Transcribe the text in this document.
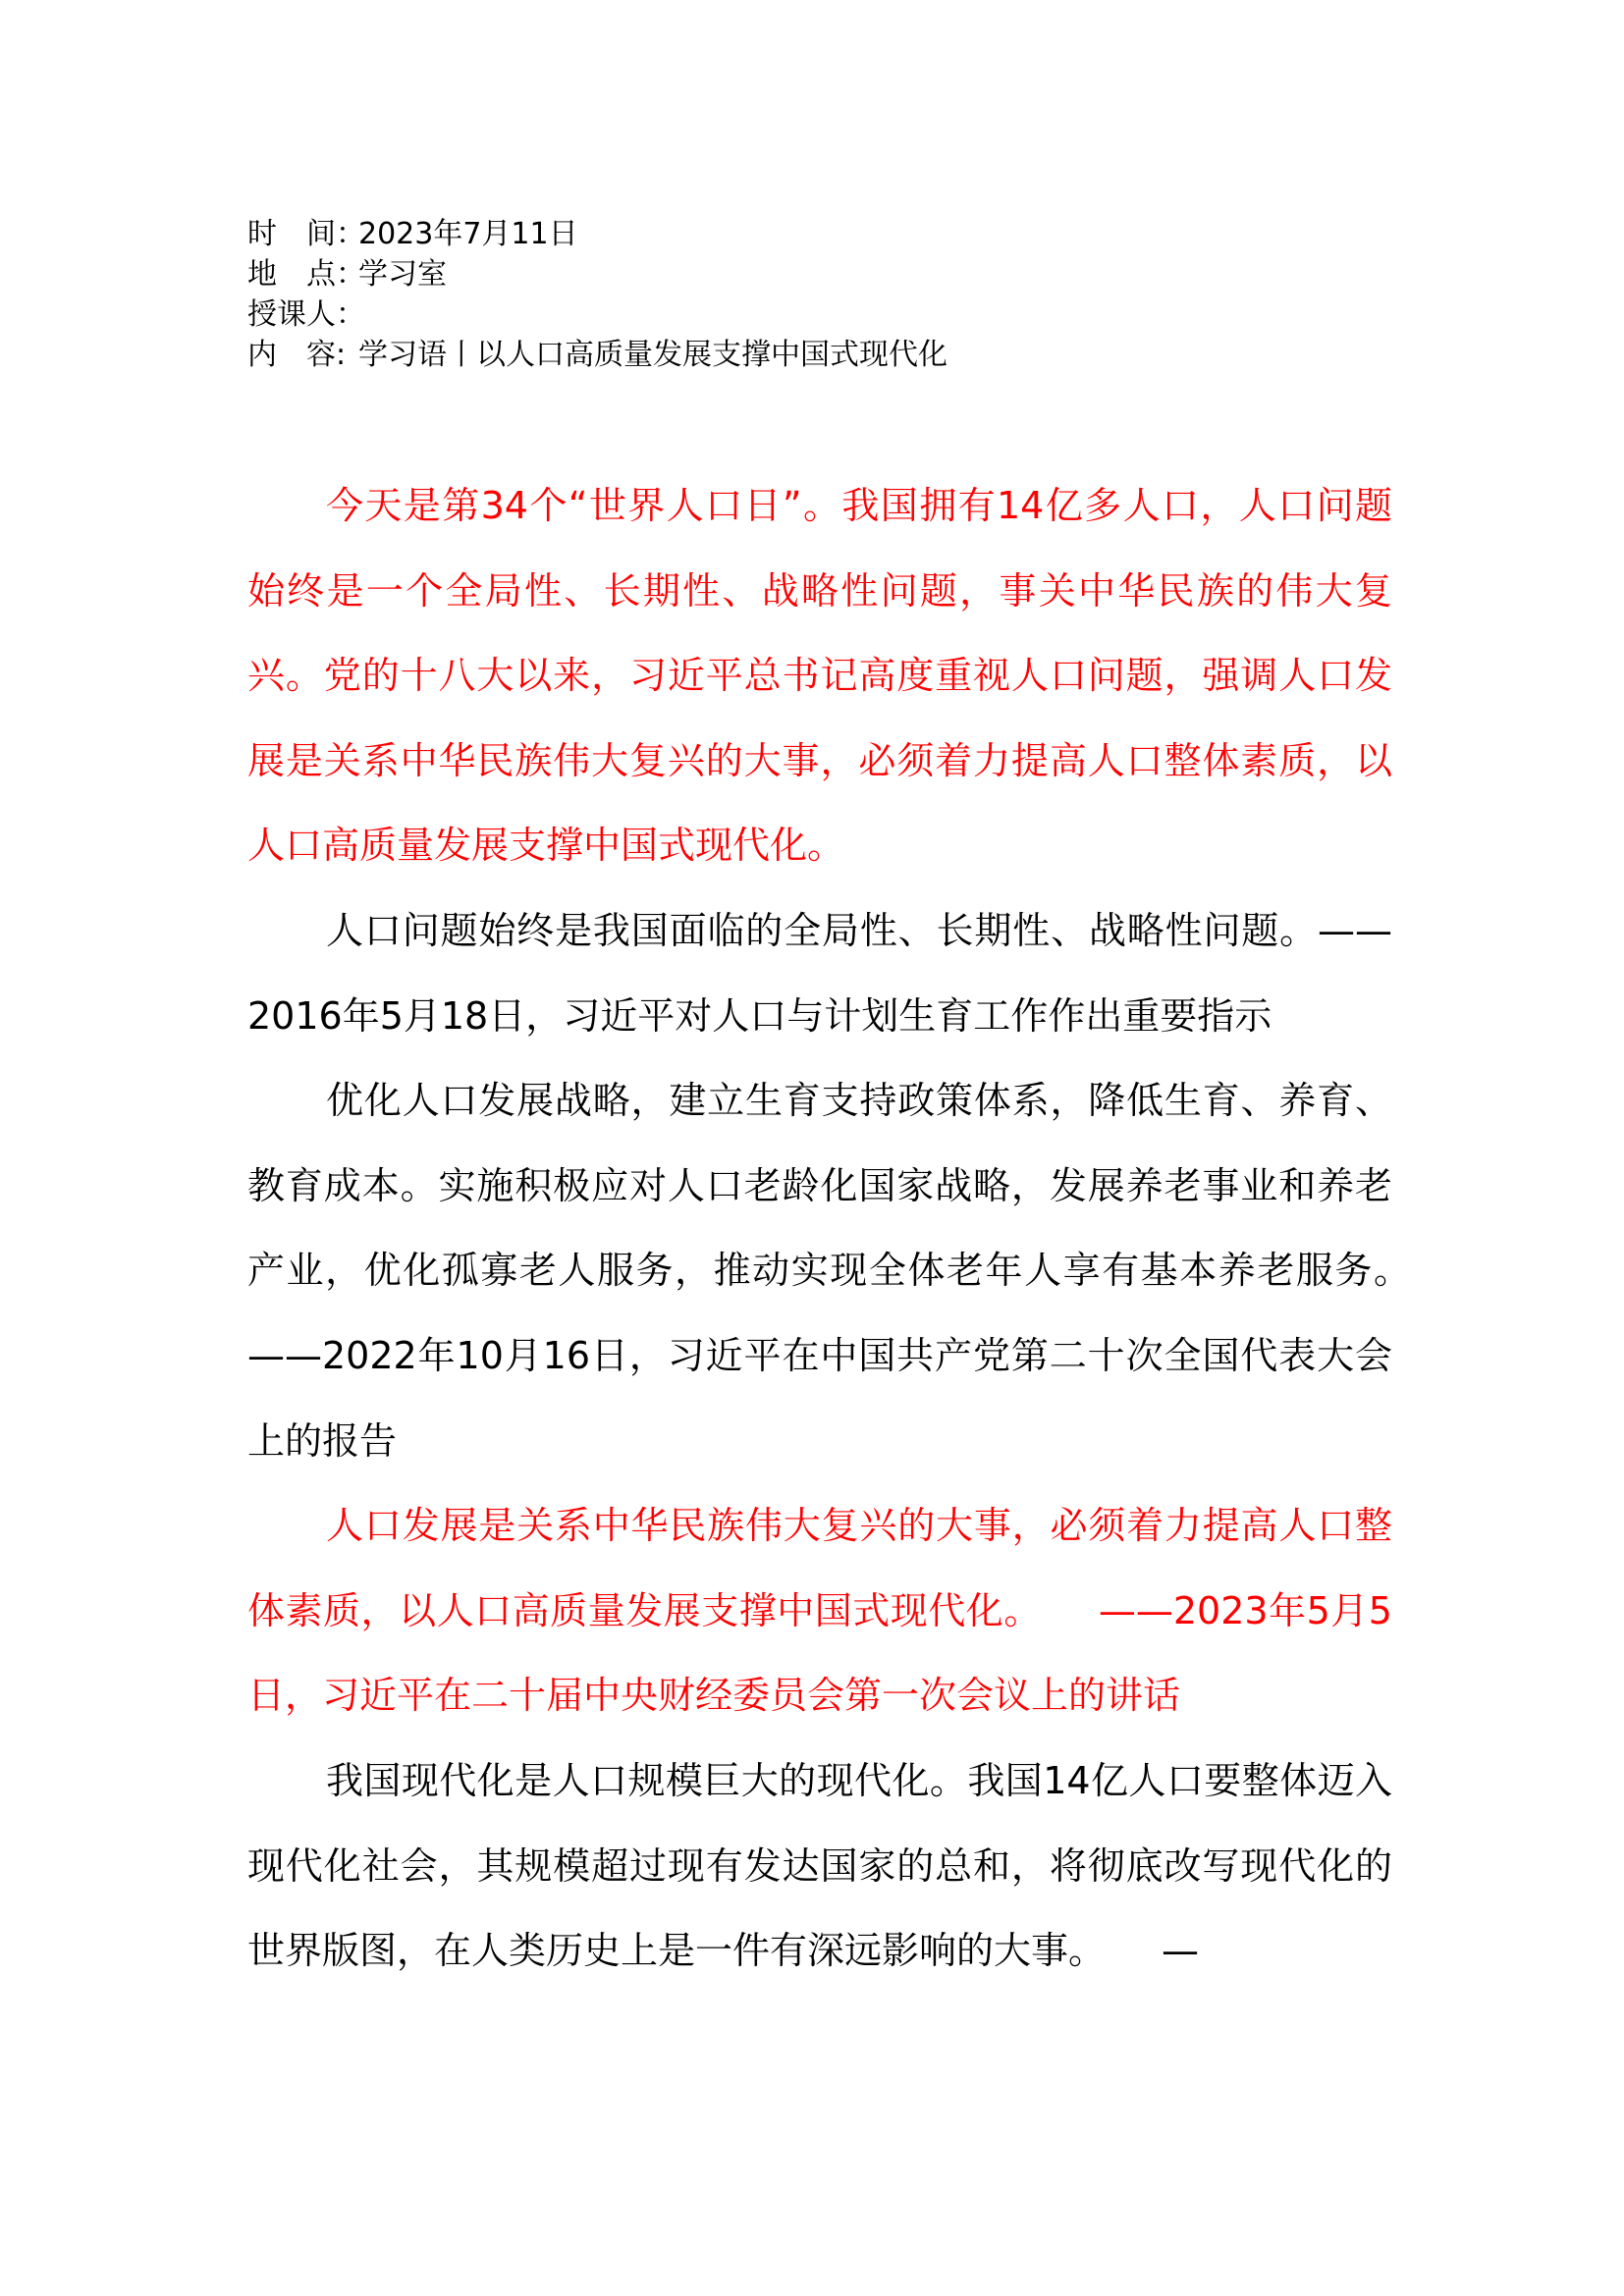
时　间：2023年7月11日
地　点：学习室
授课人：
内　容: 学习语丨以人口高质量发展支撑中国式现代化

今天是第34个“世界人口日”。我国拥有14亿多人口，人口问题始终是一个全局性、长期性、战略性问题，事关中华民族的伟大复兴。党的十八大以来，习近平总书记高度重视人口问题，强调人口发展是关系中华民族伟大复兴的大事，必须着力提高人口整体素质，以人口高质量发展支撑中国式现代化。

人口问题始终是我国面临的全局性、长期性、战略性问题。——2016年5月18日，习近平对人口与计划生育工作作出重要指示

优化人口发展战略，建立生育支持政策体系，降低生育、养育、教育成本。实施积极应对人口老龄化国家战略，发展养老事业和养老产业，优化孤寡老人服务，推动实现全体老年人享有基本养老服务。　　——2022年10月16日，习近平在中国共产党第二十次全国代表大会上的报告

人口发展是关系中华民族伟大复兴的大事，必须着力提高人口整体素质，以人口高质量发展支撑中国式现代化。　　——2023年5月5日，习近平在二十届中央财经委员会第一次会议上的讲话

我国现代化是人口规模巨大的现代化。我国14亿人口要整体迈入现代化社会，其规模超过现有发达国家的总和，将彻底改写现代化的世界版图，在人类历史上是一件有深远影响的大事。　　—
